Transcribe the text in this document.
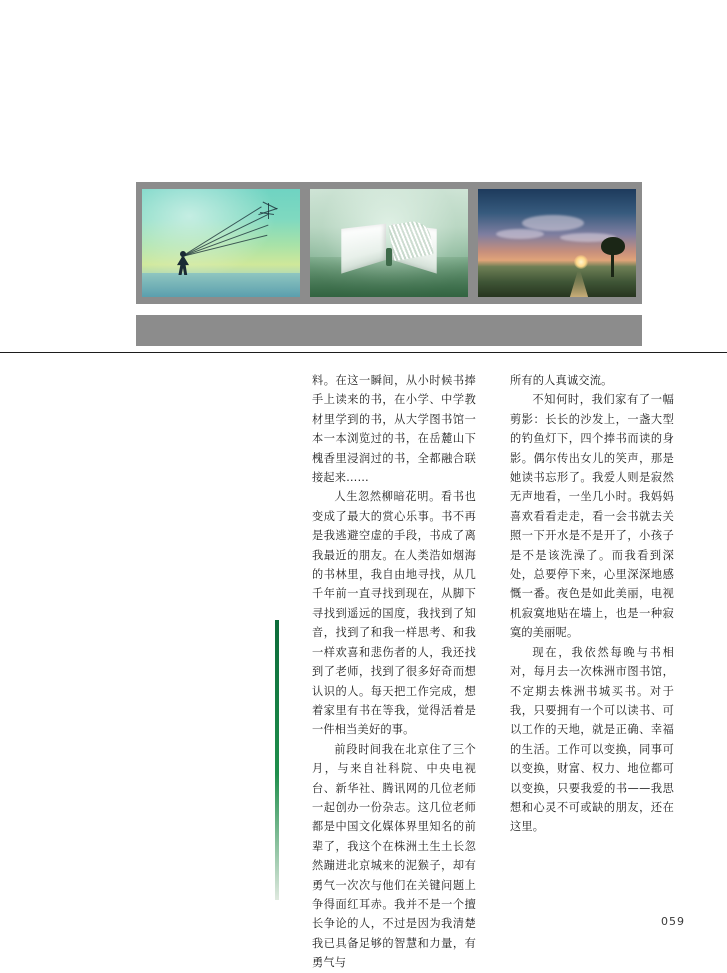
料。在这一瞬间，从小时候书捧手上读来的书，在小学、中学教材里学到的书，从大学图书馆一本一本浏览过的书，在岳麓山下槐香里浸润过的书，全都融合联接起来……

人生忽然柳暗花明。看书也变成了最大的赏心乐事。书不再是我逃避空虚的手段，书成了离我最近的朋友。在人类浩如烟海的书林里，我自由地寻找，从几千年前一直寻找到现在，从脚下寻找到遥远的国度，我找到了知音，找到了和我一样思考、和我一样欢喜和悲伤者的人，我还找到了老师，找到了很多好奇而想认识的人。每天把工作完成，想着家里有书在等我，觉得活着是一件相当美好的事。

前段时间我在北京住了三个月，与来自社科院、中央电视台、新华社、腾讯网的几位老师一起创办一份杂志。这几位老师都是中国文化媒体界里知名的前辈了，我这个在株洲土生土长忽然蹦进北京城来的泥猴子，却有勇气一次次与他们在关键问题上争得面红耳赤。我并不是一个擅长争论的人，不过是因为我清楚我已具备足够的智慧和力量，有勇气与

所有的人真诚交流。

不知何时，我们家有了一幅剪影：长长的沙发上，一盏大型的钓鱼灯下，四个捧书而读的身影。偶尔传出女儿的笑声，那是她读书忘形了。我爱人则是寂然无声地看，一坐几小时。我妈妈喜欢看看走走，看一会书就去关照一下开水是不是开了，小孩子是不是该洗澡了。而我看到深处，总要停下来，心里深深地感慨一番。夜色是如此美丽，电视机寂寞地贴在墙上，也是一种寂寞的美丽呢。

现在，我依然每晚与书相对，每月去一次株洲市图书馆，不定期去株洲书城买书。对于我，只要拥有一个可以读书、可以工作的天地，就是正确、幸福的生活。工作可以变换，同事可以变换，财富、权力、地位都可以变换，只要我爱的书——我思想和心灵不可或缺的朋友，还在这里。

059
